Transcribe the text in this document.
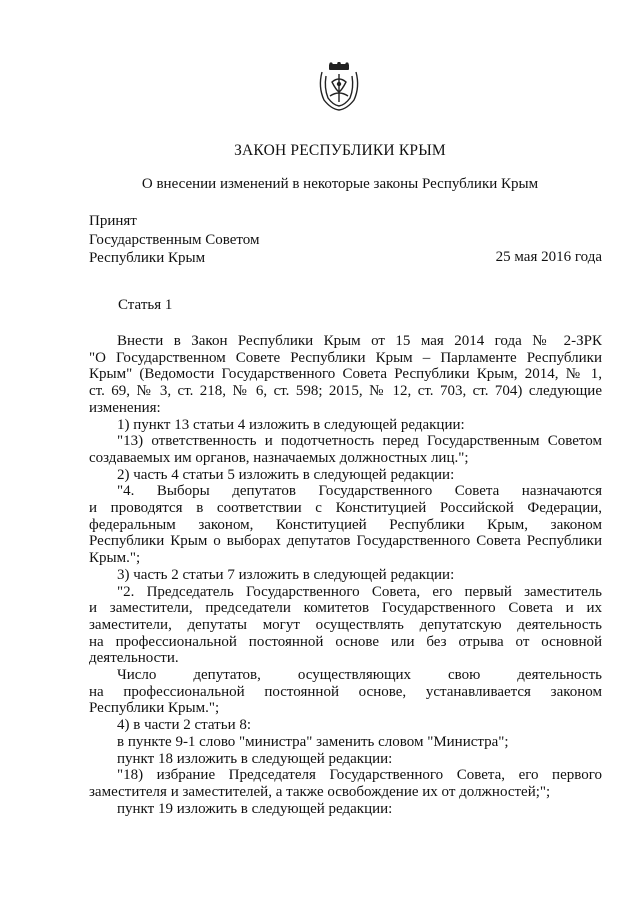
ЗАКОН РЕСПУБЛИКИ КРЫМ
О внесении изменений в некоторые законы Республики Крым
Принят
Государственным Советом
Республики Крым	25 мая 2016 года
Статья 1
Внести в Закон Республики Крым от 15 мая 2014 года № 2-ЗРК
"О Государственном Совете Республики Крым – Парламенте Республики
Крым" (Ведомости Государственного Совета Республики Крым, 2014, № 1,
ст. 69, № 3, ст. 218, № 6, ст. 598; 2015, № 12, ст. 703, ст. 704) следующие
изменения:
1) пункт 13 статьи 4 изложить в следующей редакции:
"13) ответственность и подотчетность перед Государственным Советом
создаваемых им органов, назначаемых должностных лиц.";
2) часть 4 статьи 5 изложить в следующей редакции:
"4. Выборы депутатов Государственного Совета назначаются
и проводятся в соответствии с Конституцией Российской Федерации,
федеральным законом, Конституцией Республики Крым, законом
Республики Крым о выборах депутатов Государственного Совета Республики
Крым.";
3) часть 2 статьи 7 изложить в следующей редакции:
"2. Председатель Государственного Совета, его первый заместитель
и заместители, председатели комитетов Государственного Совета и их
заместители, депутаты могут осуществлять депутатскую деятельность
на профессиональной постоянной основе или без отрыва от основной
деятельности.
Число депутатов, осуществляющих свою деятельность
на профессиональной постоянной основе, устанавливается законом
Республики Крым.";
4) в части 2 статьи 8:
в пункте 9-1 слово "министра" заменить словом "Министра";
пункт 18 изложить в следующей редакции:
"18) избрание Председателя Государственного Совета, его первого
заместителя и заместителей, а также освобождение их от должностей;";
пункт 19 изложить в следующей редакции:
